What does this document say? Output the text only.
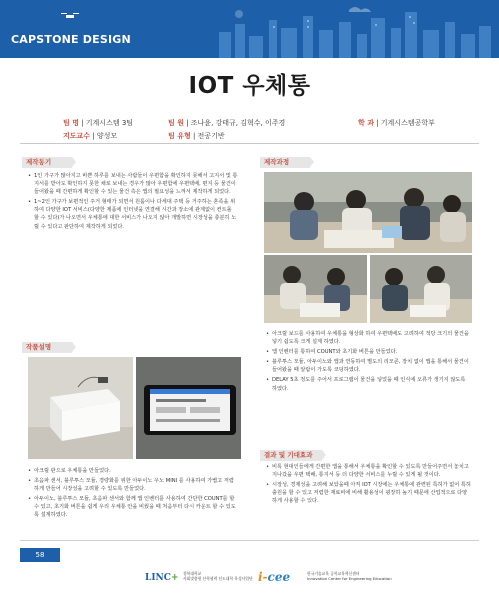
CAPSTONE DESIGN
IOT 우체통
팀 명 | 기계시스템 3팀	팀 원 | 조나윤, 강태규, 김혁수, 이주경	학 과 | 기계시스템공학부
지도교수 | 양성모	팀 유형 | 전공기반
제작동기

• 1인 가구가 많아지고 바쁜 하루를 보내는 사람들이 우편함을 확인하지 못해서 고지서 및 통지서를 받아도 확인하지 못한 채로 보내는 경우가 많아 우편함에 우편택배, 편지 등 물건이 들어왔을 때 간편하게 확인할 수 있는 물건 측은 앱의 필요성을 느껴서 제작하게 되었다.

• 1~2인 가구가 보편적인 주거 형태가 되면서 원룸이나 다세대 주택 등 거주하는 혼족을 위하여 다양한 IOT 서비스(다양한 제품에 인터넷을 연결해 시간과 장소에 관계없이 컨트롤 할 수 있다)가 나오면서 우체통에 대한 서비스가 나오지 않아 개발하면 시장성을 충분히 노릴 수 있다고 판단하여 제작하게 되었다.

제작과정

• 아크릴 보드를 사용하여 우체통을 형상화 하여 우편택배도 고려하여 적당 크기의 물건을 넣기 쉽도록 크게 설계 하였다.

• 앱 인벤터를 통하여 COUNT와 초기화 버튼을 만들었다.

• 블루투스 모듈, 아두이노와 앱과 연동하여 별도의 리모콘, 장치 없이 앱을 통해서 물건이 들어왔을 때 알람이 가도록 코딩하였다.

• DELAY 5초 정도를 주어서 프로그램이 물건을 넣었을 때 인식에 오류가 생기지 않도록 하였다.

작품설명

• 아크릴 판으로 우체통을 만들었다.

• 초음파 센서, 블루투스 모듈, 경량화를 위한 아두이노 우노 MINI 를 사용하여 가볍고 저렴하게 만들어 시장성을 고려할 수 있도록 만들었다.

• 아두이노, 블루투스 모듈, 초음파 센서와 함께 앱 인벤터를 사용하여 간단한 COUNT를 할 수 있고, 초기화 버튼을 쉽게 우리 우체통 안을 비웠을 때 처음부터 다시 카운트 할 수 있도록 설계하였다.

결과 및 기대효과

• 비록 현대인들에게 간편한 앱을 통해서 우체통을 확인할 수 있도록 만들어주면서 놓치고 지나갔을 우편 택배, 통지서 등 더 다양한 서비스를 누릴 수 있게 될 것이다.

• 시장성, 경제성을 고려해 보았을때 아직 IOT 시장에는 우체통에 관련된 특허가 없어 특허 출원을 할 수 있고 저렴한 재료비에 비해 활용성이 굉장히 높기 때문에 산업적으로 다양하게 사용할 수 있다.

58
LINC+ 경북대학교
사회맞춤형 산학협력 선도대학 육성사업단 i-cee	한국기술교육 공학교육혁신센터
Innovation Center for Engineering Education
